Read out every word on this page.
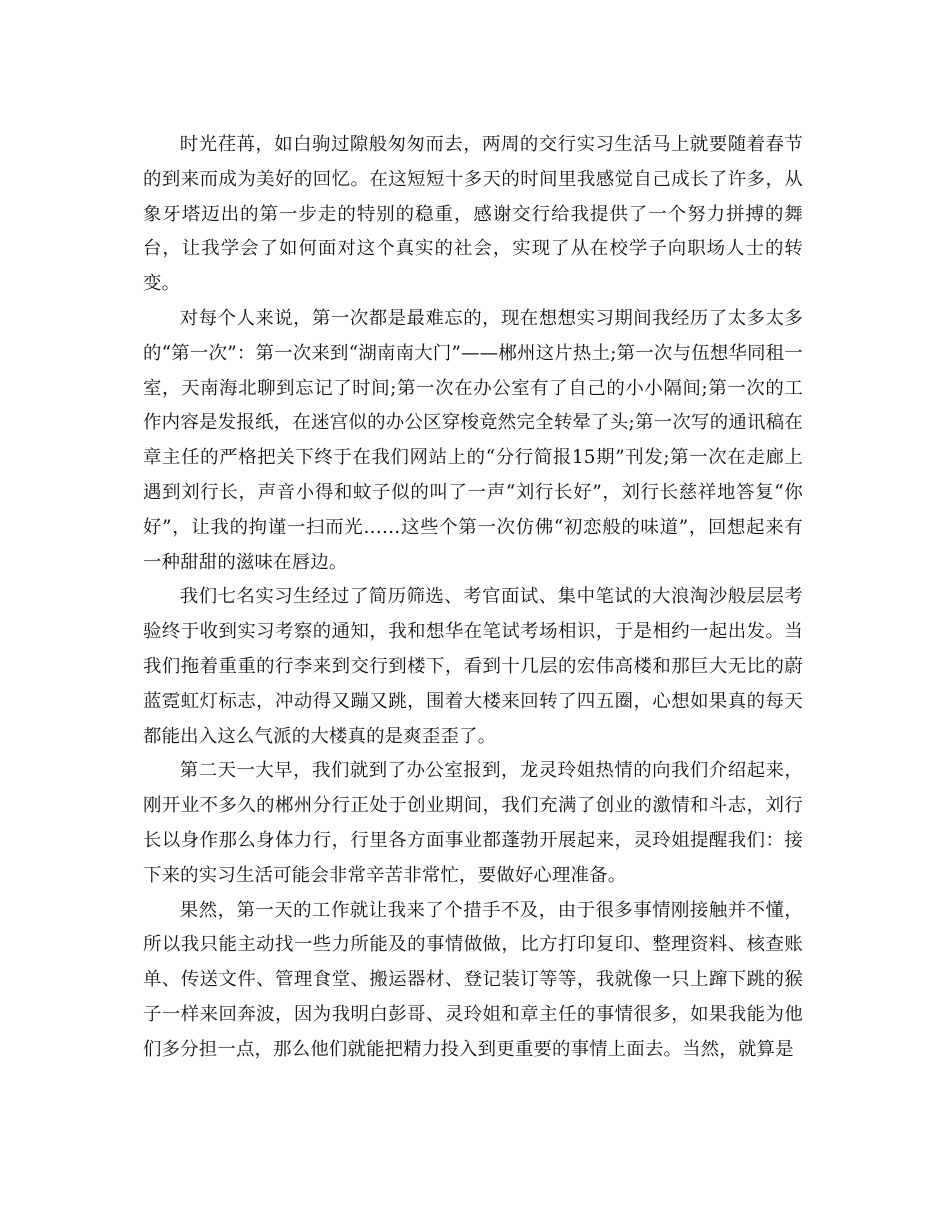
时光荏苒，如白驹过隙般匆匆而去，两周的交行实习生活马上就要随着春节的到来而成为美好的回忆。在这短短十多天的时间里我感觉自己成长了许多，从象牙塔迈出的第一步走的特别的稳重，感谢交行给我提供了一个努力拼搏的舞台，让我学会了如何面对这个真实的社会，实现了从在校学子向职场人士的转变。

对每个人来说，第一次都是最难忘的，现在想想实习期间我经历了太多太多的“第一次”：第一次来到“湖南南大门”——郴州这片热土;第一次与伍想华同租一室，天南海北聊到忘记了时间;第一次在办公室有了自己的小小隔间;第一次的工作内容是发报纸，在迷宫似的办公区穿梭竟然完全转晕了头;第一次写的通讯稿在章主任的严格把关下终于在我们网站上的“分行简报15期”刊发;第一次在走廊上遇到刘行长，声音小得和蚊子似的叫了一声“刘行长好”，刘行长慈祥地答复“你好”，让我的拘谨一扫而光……这些个第一次仿佛“初恋般的味道”，回想起来有一种甜甜的滋味在唇边。

我们七名实习生经过了简历筛选、考官面试、集中笔试的大浪淘沙般层层考验终于收到实习考察的通知，我和想华在笔试考场相识，于是相约一起出发。当我们拖着重重的行李来到交行到楼下，看到十几层的宏伟高楼和那巨大无比的蔚蓝霓虹灯标志，冲动得又蹦又跳，围着大楼来回转了四五圈，心想如果真的每天都能出入这么气派的大楼真的是爽歪歪了。

第二天一大早，我们就到了办公室报到，龙灵玲姐热情的向我们介绍起来，刚开业不多久的郴州分行正处于创业期间，我们充满了创业的激情和斗志，刘行长以身作那么身体力行，行里各方面事业都蓬勃开展起来，灵玲姐提醒我们：接下来的实习生活可能会非常辛苦非常忙，要做好心理准备。

果然，第一天的工作就让我来了个措手不及，由于很多事情刚接触并不懂，所以我只能主动找一些力所能及的事情做做，比方打印复印、整理资料、核查账单、传送文件、管理食堂、搬运器材、登记装订等等，我就像一只上蹿下跳的猴子一样来回奔波，因为我明白彭哥、灵玲姐和章主任的事情很多，如果我能为他们多分担一点，那么他们就能把精力投入到更重要的事情上面去。当然，就算是
